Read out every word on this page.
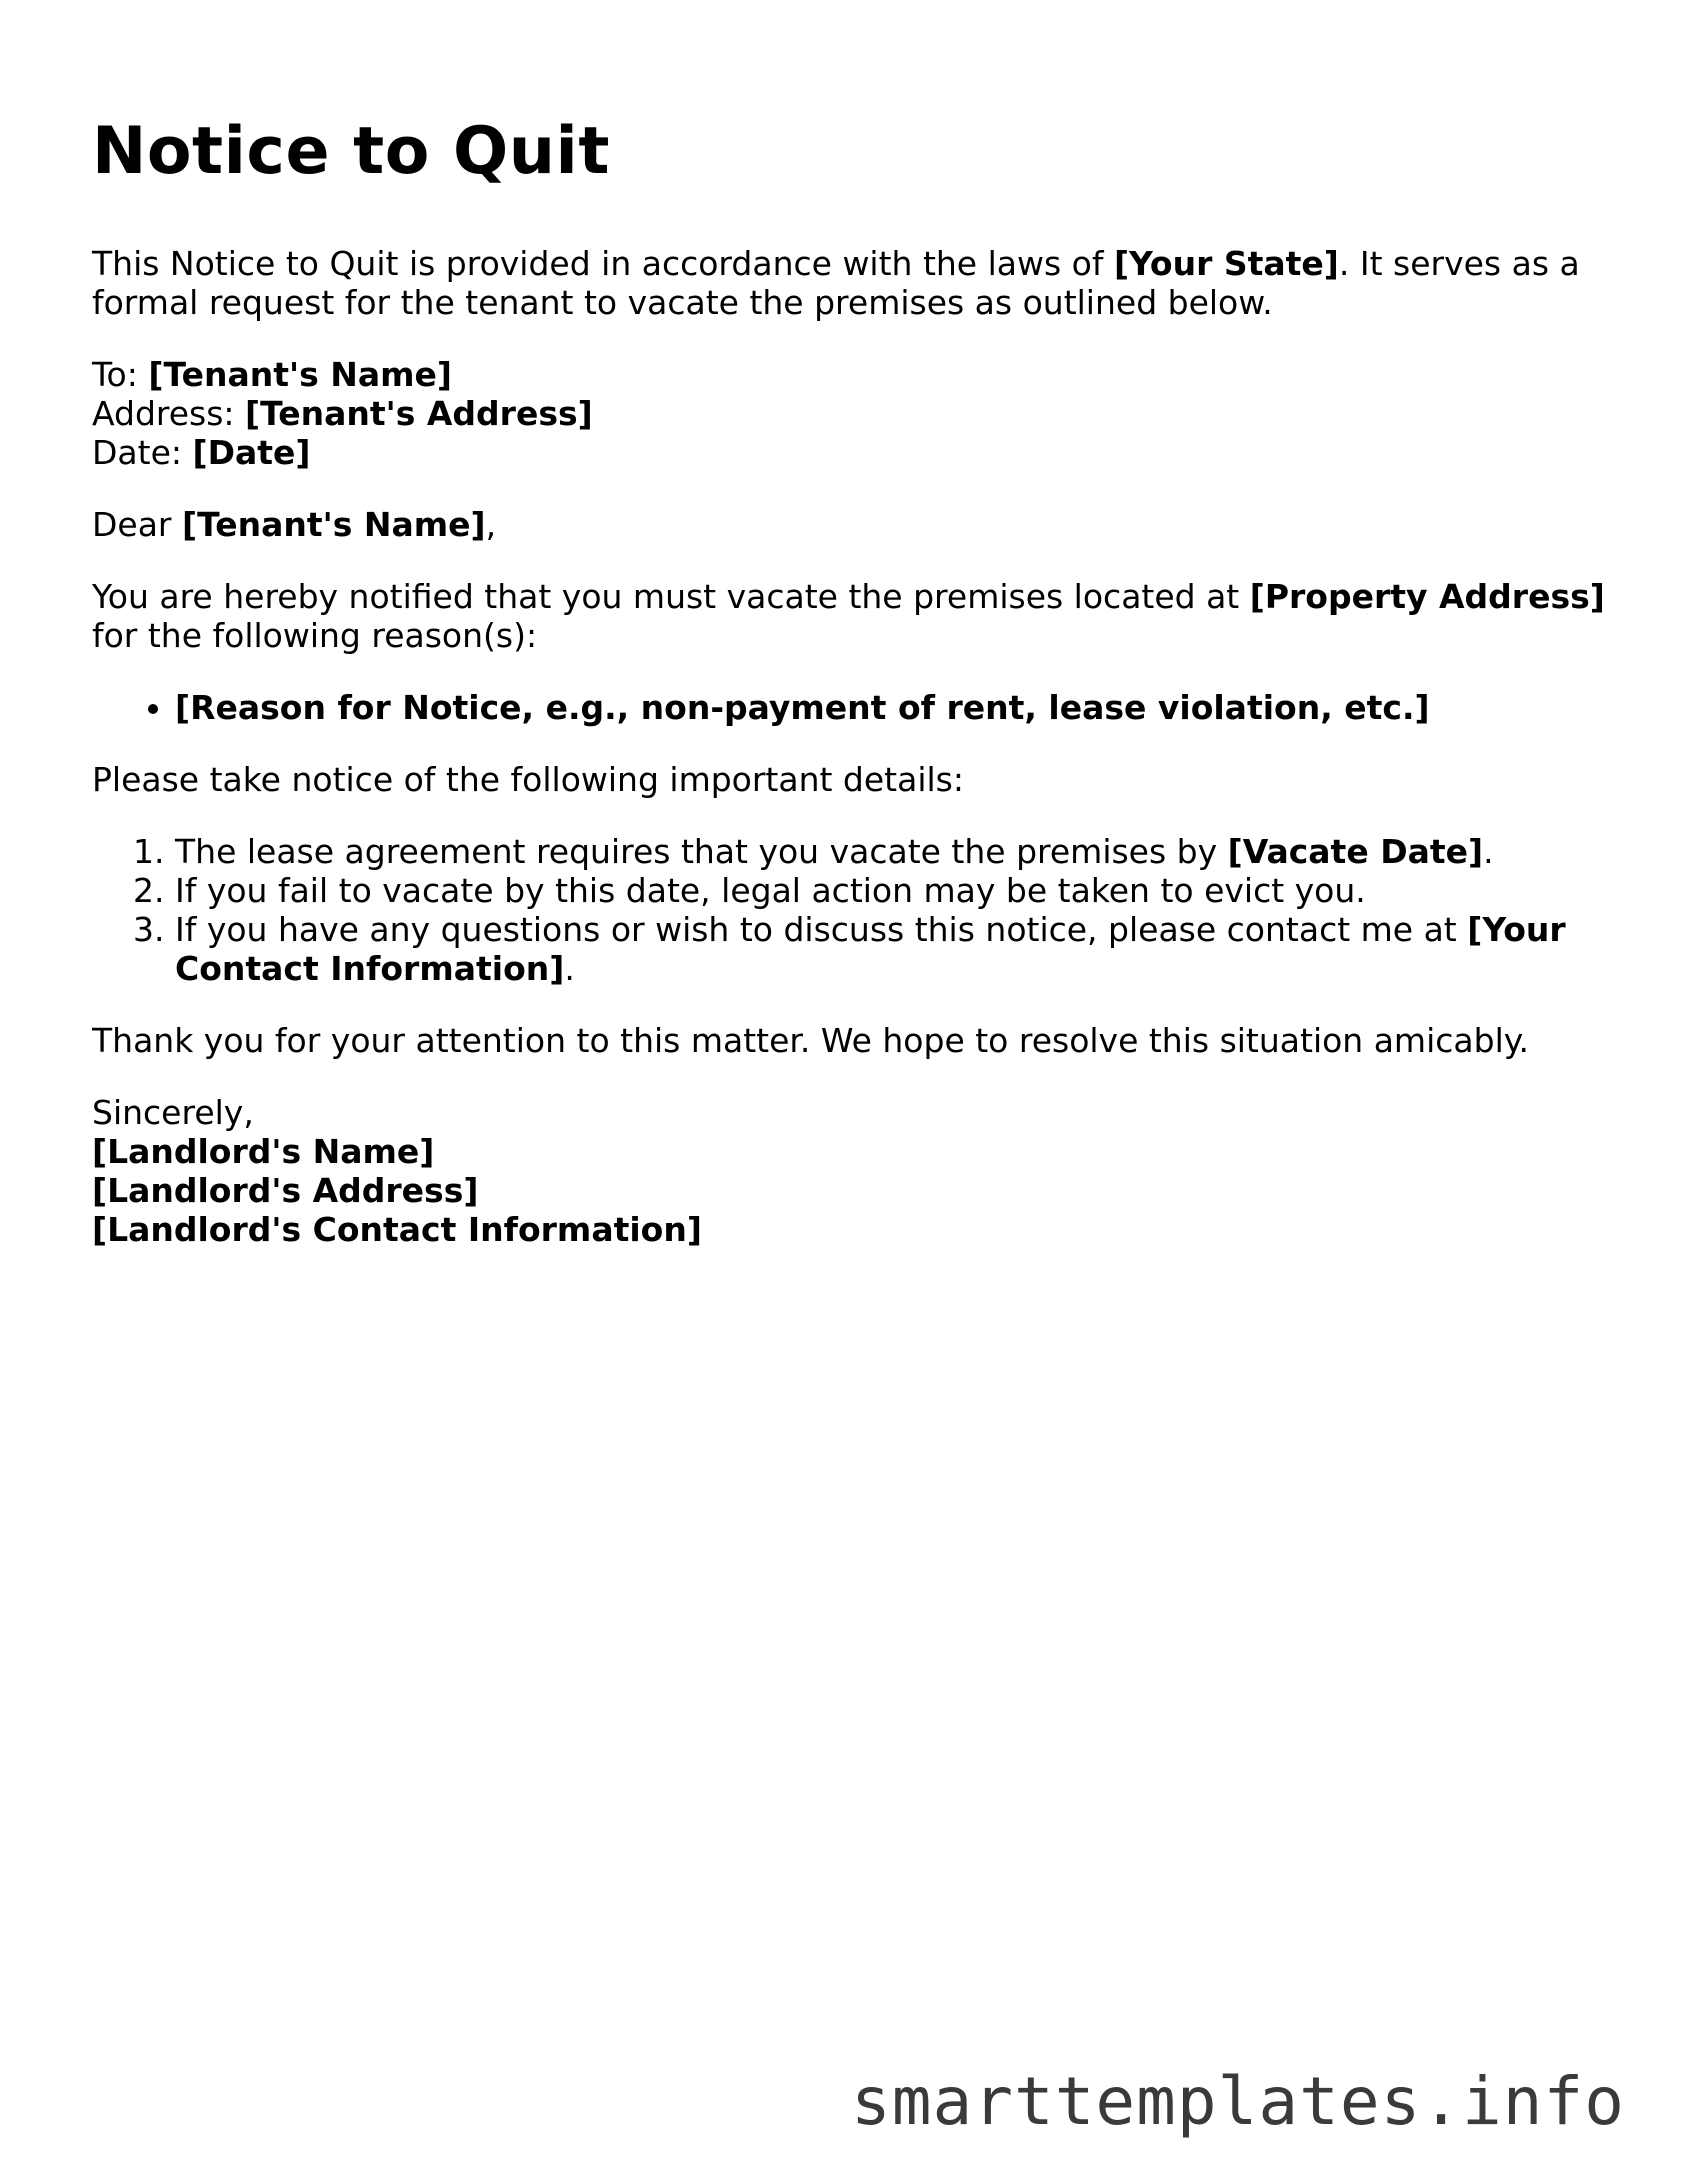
Notice to Quit

This Notice to Quit is provided in accordance with the laws of [Your State]. It serves as a formal request for the tenant to vacate the premises as outlined below.

To: [Tenant's Name]
Address: [Tenant's Address]
Date: [Date]

Dear [Tenant's Name],

You are hereby notified that you must vacate the premises located at [Property Address] for the following reason(s):

• [Reason for Notice, e.g., non-payment of rent, lease violation, etc.]

Please take notice of the following important details:

1. The lease agreement requires that you vacate the premises by [Vacate Date].
2. If you fail to vacate by this date, legal action may be taken to evict you.
3. If you have any questions or wish to discuss this notice, please contact me at [Your Contact Information].

Thank you for your attention to this matter. We hope to resolve this situation amicably.

Sincerely,
[Landlord's Name]
[Landlord's Address]
[Landlord's Contact Information]

smarttemplates.info
